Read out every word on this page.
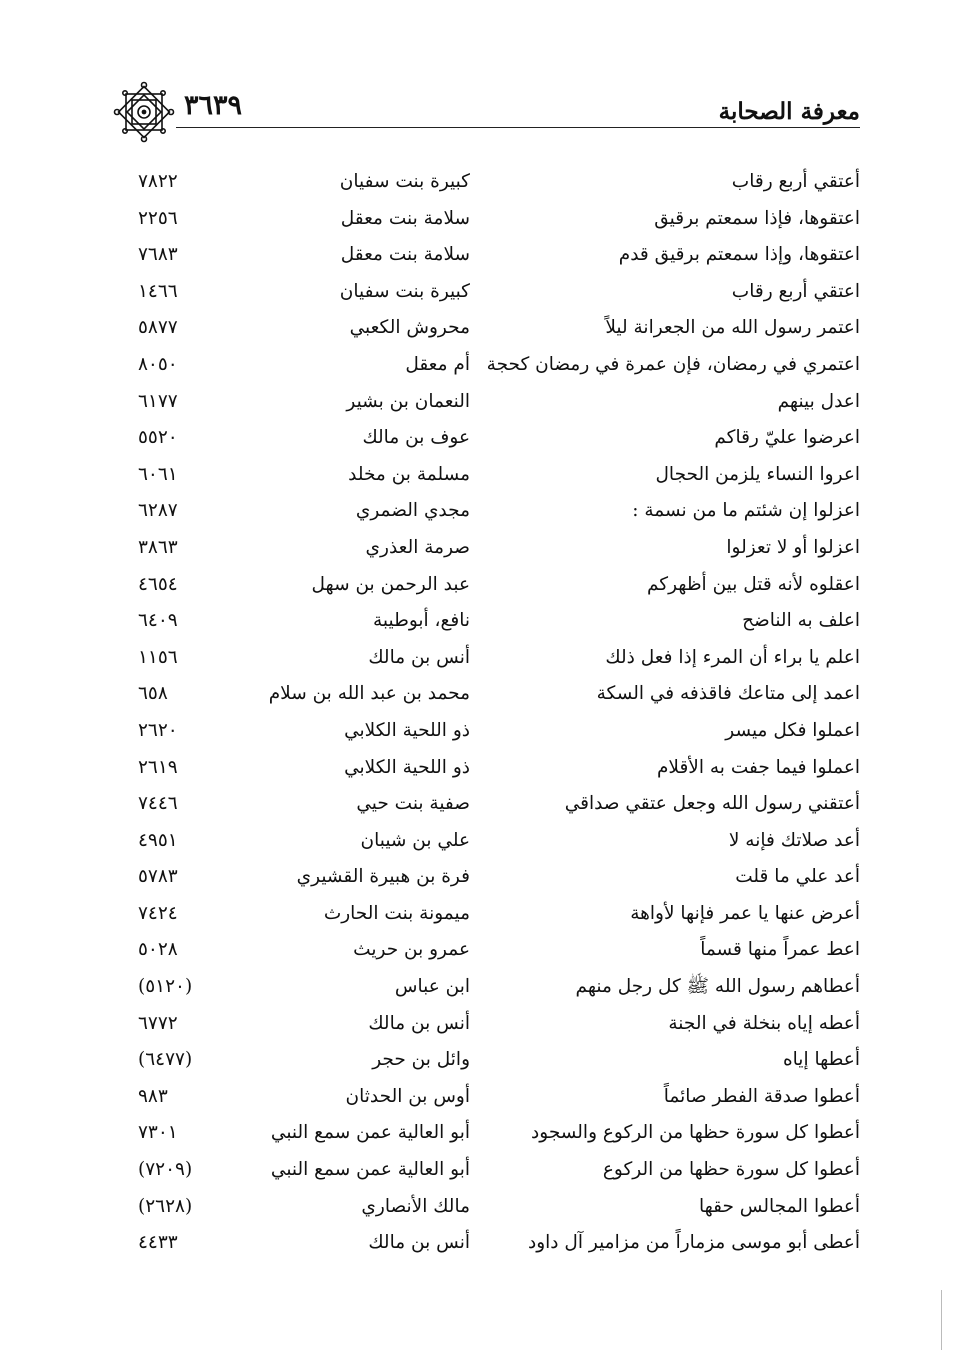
معرفة الصحابة
٣٦٣٩
أعتقي أربع رقاب
كبيرة بنت سفيان
٧٨٢٢
اعتقوها، فإذا سمعتم برقيق
سلامة بنت معقل
٢٢٥٦
اعتقوها، وإذا سمعتم برقيق قدم
سلامة بنت معقل
٧٦٨٣
اعتقي أربع رقاب
كبيرة بنت سفيان
١٤٦٦
اعتمر رسول الله من الجعرانة ليلاً
محروش الكعبي
٥٨٧٧
اعتمري في رمضان، فإن عمرة في رمضان كحجة
أم معقل
٨٠٥٠
اعدل بينهم
النعمان بن بشير
٦١٧٧
اعرضوا عليّ رقاكم
عوف بن مالك
٥٥٢٠
اعروا النساء يلزمن الحجال
مسلمة بن مخلد
٦٠٦١
اعزلوا إن شئتم ما من نسمة :
مجدي الضمري
٦٢٨٧
اعزلوا أو لا تعزلوا
صرمة العذري
٣٨٦٣
اعقلوه لأنه قتل بين أظهركم
عبد الرحمن بن سهل
٤٦٥٤
اعلف به الناضح
نافع، أبوطيبة
٦٤٠٩
اعلم يا براء أن المرء إذا فعل ذلك
أنس بن مالك
١١٥٦
اعمد إلى متاعك فاقذفه في السكة
محمد بن عبد الله بن سلام
٦٥٨
اعملوا فكل ميسر
ذو اللحية الكلابي
٢٦٢٠
اعملوا فيما جفت به الأقلام
ذو اللحية الكلابي
٢٦١٩
أعتقني رسول الله وجعل عتقي صداقي
صفية بنت حيي
٧٤٤٦
أعد صلاتك فإنه لا
علي بن شيبان
٤٩٥١
أعد علي ما قلت
فرة بن هبيرة القشيري
٥٧٨٣
أعرض عنها يا عمر فإنها لأواهة
ميمونة بنت الحارث
٧٤٢٤
اعط عمراً منها قسماً
عمرو بن حريث
٥٠٢٨
أعطاهم رسول الله ﷺ كل رجل منهم
ابن عباس
(٥١٢٠)
أعطه إياه بنخلة في الجنة
أنس بن مالك
٦٧٧٢
أعطها إياه
وائل بن حجر
(٦٤٧٧)
أعطوا صدقة الفطر صائماً
أوس بن الحدثان
٩٨٣
أعطوا كل سورة حظها من الركوع والسجود
أبو العالية عمن سمع النبي
٧٣٠١
أعطوا كل سورة حظها من الركوع
أبو العالية عمن سمع النبي
(٧٢٠٩)
أعطوا المجالس حقها
مالك الأنصاري
(٢٦٢٨)
أعطى أبو موسى مزماراً من مزامير آل داود
أنس بن مالك
٤٤٣٣
